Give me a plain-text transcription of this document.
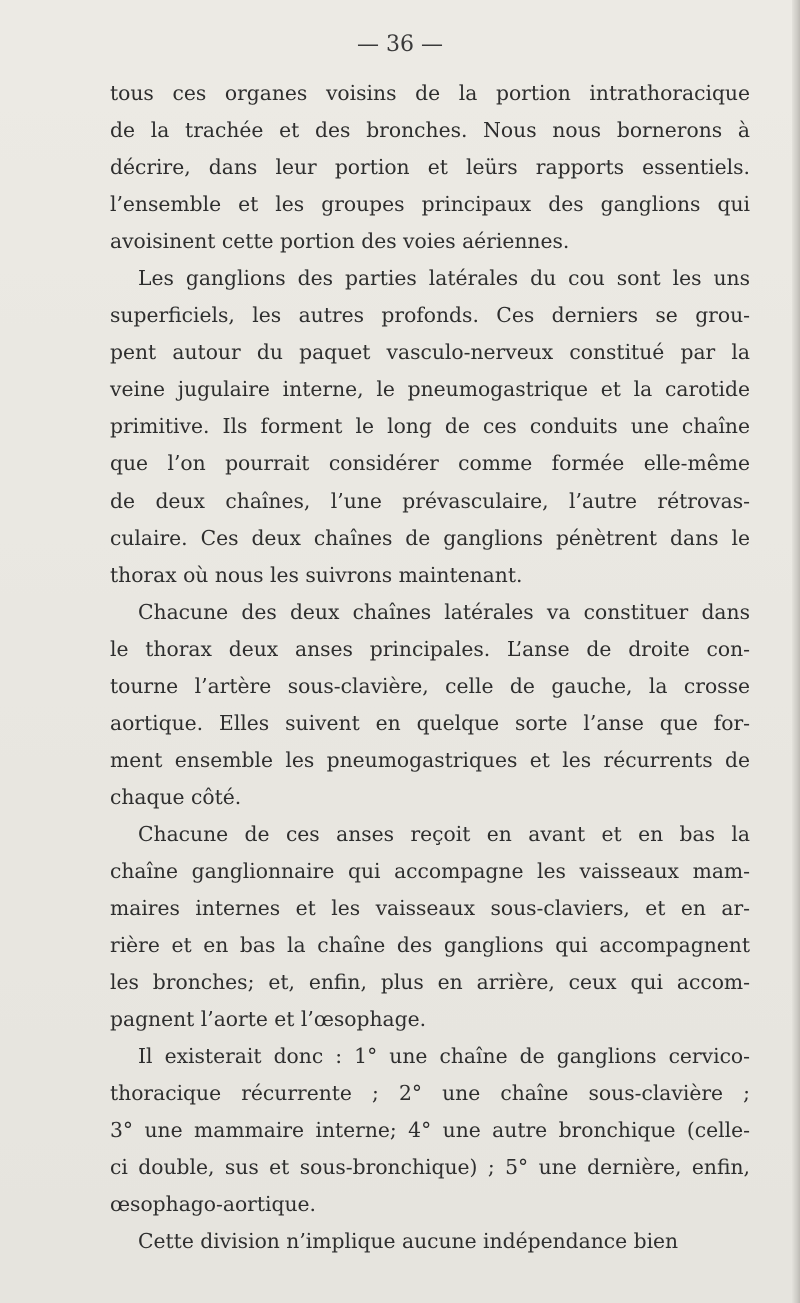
— 36 —

tous ces organes voisins de la portion intrathoracique
de la trachée et des bronches. Nous nous bornerons à
décrire, dans leur portion et leürs rapports essentiels.
l’ensemble et les groupes principaux des ganglions qui
avoisinent cette portion des voies aériennes.
Les ganglions des parties latérales du cou sont les uns
superficiels, les autres profonds. Ces derniers se grou-
pent autour du paquet vasculo-nerveux constitué par la
veine jugulaire interne, le pneumogastrique et la carotide
primitive. Ils forment le long de ces conduits une chaîne
que l’on pourrait considérer comme formée elle-même
de deux chaînes, l’une prévasculaire, l’autre rétrovas-
culaire. Ces deux chaînes de ganglions pénètrent dans le
thorax où nous les suivrons maintenant.
Chacune des deux chaînes latérales va constituer dans
le thorax deux anses principales. L’anse de droite con-
tourne l’artère sous-clavière, celle de gauche, la crosse
aortique. Elles suivent en quelque sorte l’anse que for-
ment ensemble les pneumogastriques et les récurrents de
chaque côté.
Chacune de ces anses reçoit en avant et en bas la
chaîne ganglionnaire qui accompagne les vaisseaux mam-
maires internes et les vaisseaux sous-claviers, et en ar-
rière et en bas la chaîne des ganglions qui accompagnent
les bronches; et, enfin, plus en arrière, ceux qui accom-
pagnent l’aorte et l’œsophage.
Il existerait donc : 1° une chaîne de ganglions cervico-
thoracique récurrente ; 2° une chaîne sous-clavière ;
3° une mammaire interne; 4° une autre bronchique (celle-
ci double, sus et sous-bronchique) ; 5° une dernière, enfin,
œsophago-aortique.
Cette division n’implique aucune indépendance bien
